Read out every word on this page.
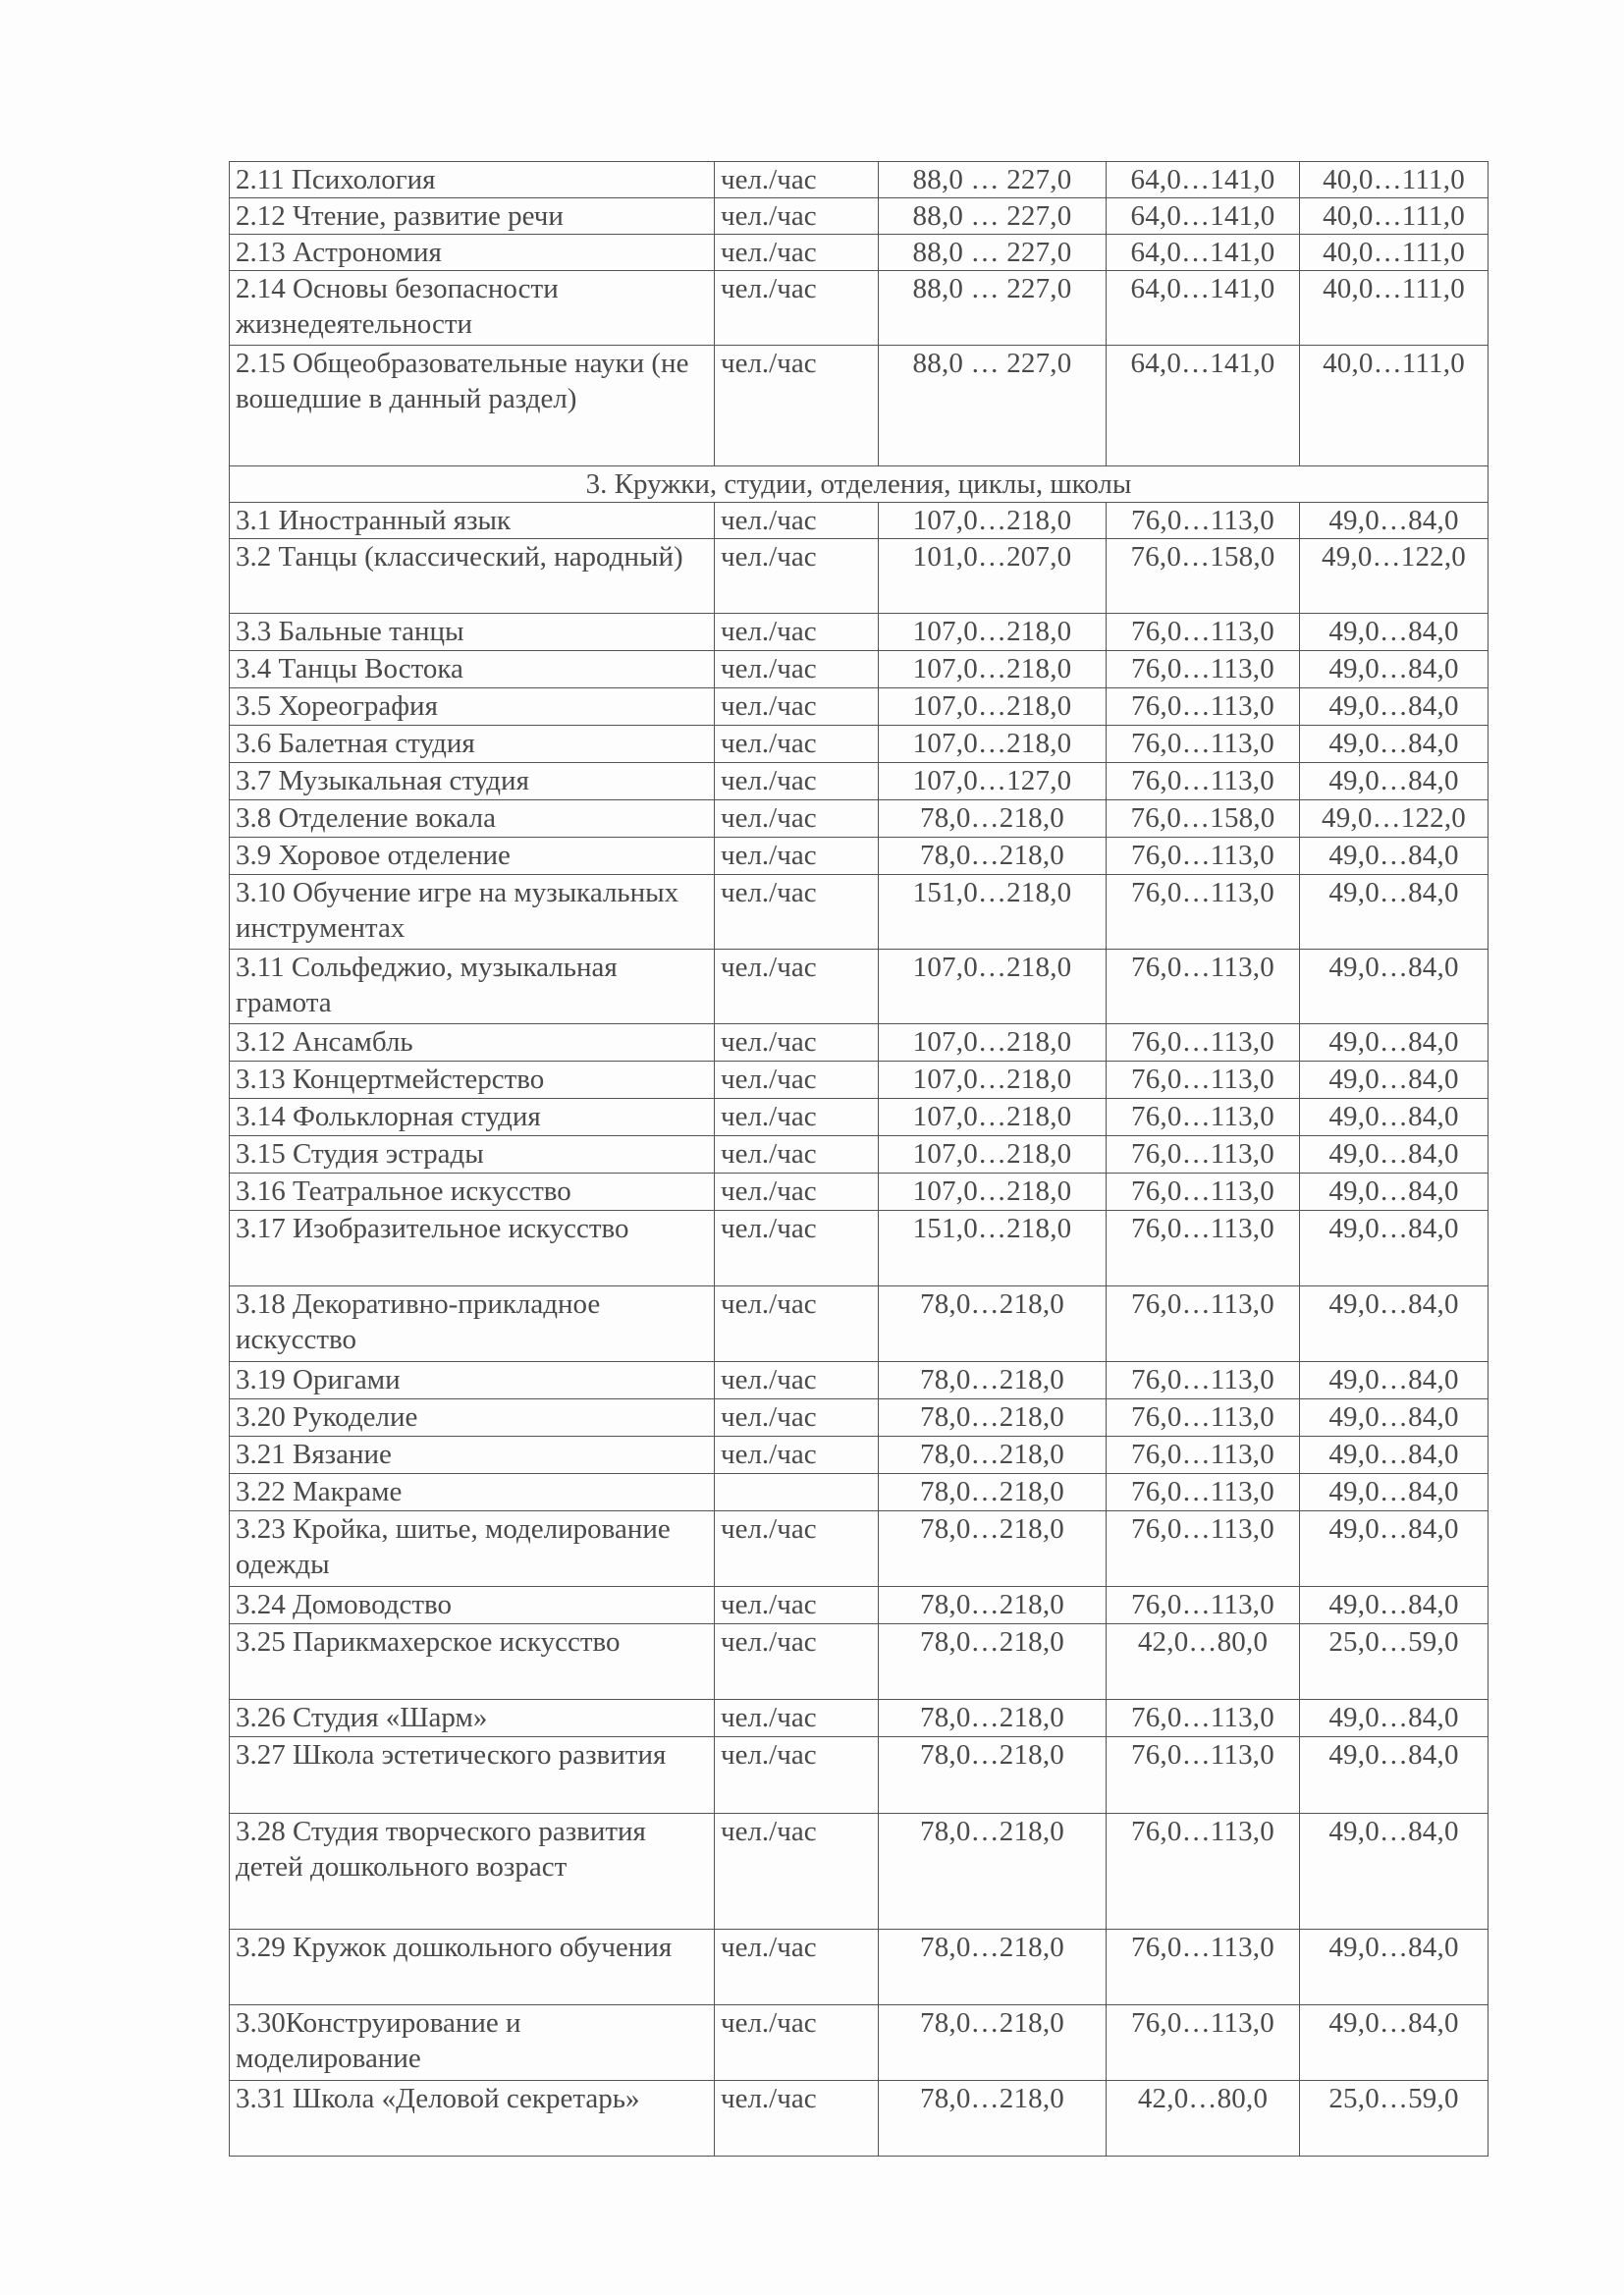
2.11 Психология	чел./час	88,0 … 227,0	64,0…141,0	40,0…111,0
2.12 Чтение, развитие речи	чел./час	88,0 … 227,0	64,0…141,0	40,0…111,0
2.13 Астрономия	чел./час	88,0 … 227,0	64,0…141,0	40,0…111,0
2.14 Основы безопасности жизнедеятельности	чел./час	88,0 … 227,0	64,0…141,0	40,0…111,0
2.15 Общеобразовательные науки (не вошедшие в данный раздел)	чел./час	88,0 … 227,0	64,0…141,0	40,0…111,0
3. Кружки, студии, отделения, циклы, школы				
3.1 Иностранный язык	чел./час	107,0…218,0	76,0…113,0	49,0…84,0
3.2 Танцы (классический, народный)	чел./час	101,0…207,0	76,0…158,0	49,0…122,0
3.3 Бальные танцы	чел./час	107,0…218,0	76,0…113,0	49,0…84,0
3.4 Танцы Востока	чел./час	107,0…218,0	76,0…113,0	49,0…84,0
3.5 Хореография	чел./час	107,0…218,0	76,0…113,0	49,0…84,0
3.6 Балетная студия	чел./час	107,0…218,0	76,0…113,0	49,0…84,0
3.7 Музыкальная студия	чел./час	107,0…127,0	76,0…113,0	49,0…84,0
3.8 Отделение вокала	чел./час	78,0…218,0	76,0…158,0	49,0…122,0
3.9 Хоровое отделение	чел./час	78,0…218,0	76,0…113,0	49,0…84,0
3.10 Обучение игре на музыкальных инструментах	чел./час	151,0…218,0	76,0…113,0	49,0…84,0
3.11 Сольфеджио, музыкальная грамота	чел./час	107,0…218,0	76,0…113,0	49,0…84,0
3.12 Ансамбль	чел./час	107,0…218,0	76,0…113,0	49,0…84,0
3.13 Концертмейстерство	чел./час	107,0…218,0	76,0…113,0	49,0…84,0
3.14 Фольклорная студия	чел./час	107,0…218,0	76,0…113,0	49,0…84,0
3.15 Студия эстрады	чел./час	107,0…218,0	76,0…113,0	49,0…84,0
3.16 Театральное искусство	чел./час	107,0…218,0	76,0…113,0	49,0…84,0
3.17 Изобразительное искусство	чел./час	151,0…218,0	76,0…113,0	49,0…84,0
3.18 Декоративно-прикладное искусство	чел./час	78,0…218,0	76,0…113,0	49,0…84,0
3.19 Оригами	чел./час	78,0…218,0	76,0…113,0	49,0…84,0
3.20 Рукоделие	чел./час	78,0…218,0	76,0…113,0	49,0…84,0
3.21 Вязание	чел./час	78,0…218,0	76,0…113,0	49,0…84,0
3.22 Макраме		78,0…218,0	76,0…113,0	49,0…84,0
3.23 Кройка, шитье, моделирование одежды	чел./час	78,0…218,0	76,0…113,0	49,0…84,0
3.24 Домоводство	чел./час	78,0…218,0	76,0…113,0	49,0…84,0
3.25 Парикмахерское искусство	чел./час	78,0…218,0	42,0…80,0	25,0…59,0
3.26 Студия «Шарм»	чел./час	78,0…218,0	76,0…113,0	49,0…84,0
3.27 Школа эстетического развития	чел./час	78,0…218,0	76,0…113,0	49,0…84,0
3.28 Студия творческого развития детей дошкольного возраст	чел./час	78,0…218,0	76,0…113,0	49,0…84,0
3.29 Кружок дошкольного обучения	чел./час	78,0…218,0	76,0…113,0	49,0…84,0
3.30Конструирование и моделирование	чел./час	78,0…218,0	76,0…113,0	49,0…84,0
3.31 Школа «Деловой секретарь»	чел./час	78,0…218,0	42,0…80,0	25,0…59,0
